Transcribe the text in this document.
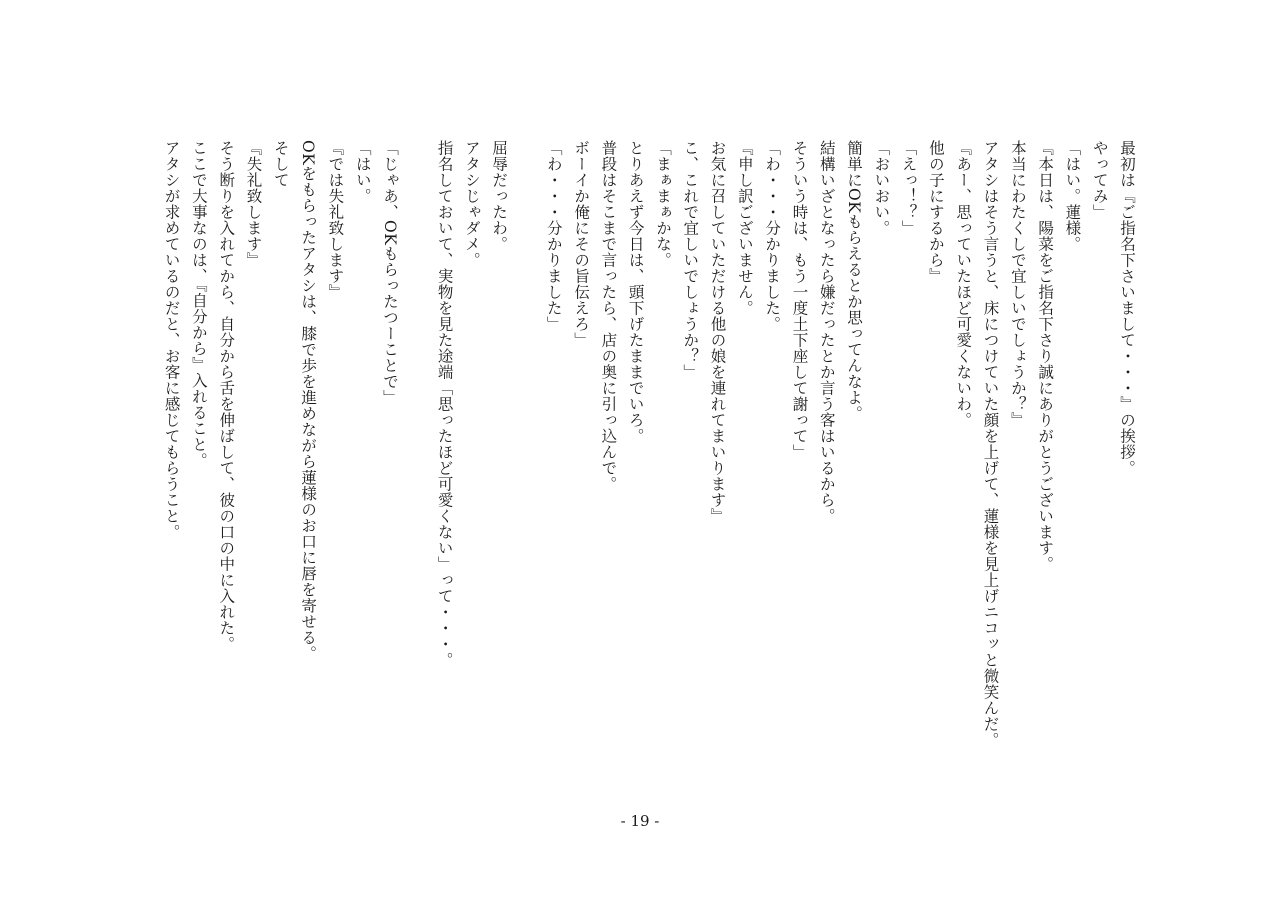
最初は『ご指名下さいまして・・・』の挨拶。
やってみ」
「はい。蓮様。
『本日は、陽菜をご指名下さり誠にありがとうございます。
本当にわたくしで宜しいでしょうか？』
アタシはそう言うと、床につけていた顔を上げて、蓮様を見上げニコッと微笑んだ。
『あー、思っていたほど可愛くないわ。
他の子にするから』
「えっ！？」
「おいおい。
簡単にOKもらえるとか思ってんなよ。
結構いざとなったら嫌だったとか言う客はいるから。
そういう時は、もう一度土下座して謝って」
「わ・・・分かりました。
『申し訳ございません。
お気に召していただける他の娘を連れてまいります』
こ、これで宜しいでしょうか？」
「まぁまぁかな。
とりあえず今日は、頭下げたままでいろ。
普段はそこまで言ったら、店の奥に引っ込んで。
ボーイか俺にその旨伝えろ」
「わ・・・分かりました」
屈辱だったわ。
アタシじゃダメ。
指名しておいて、実物を見た途端「思ったほど可愛くない」って・・・。
「じゃあ、OKもらったつーことで」
「はい。
『では失礼致します』
OKをもらったアタシは、膝で歩を進めながら蓮様のお口に唇を寄せる。
そして
『失礼致します』
そう断りを入れてから、自分から舌を伸ばして、彼の口の中に入れた。
ここで大事なのは、『自分から』入れること。
アタシが求めているのだと、お客に感じてもらうこと。
- 19 -
